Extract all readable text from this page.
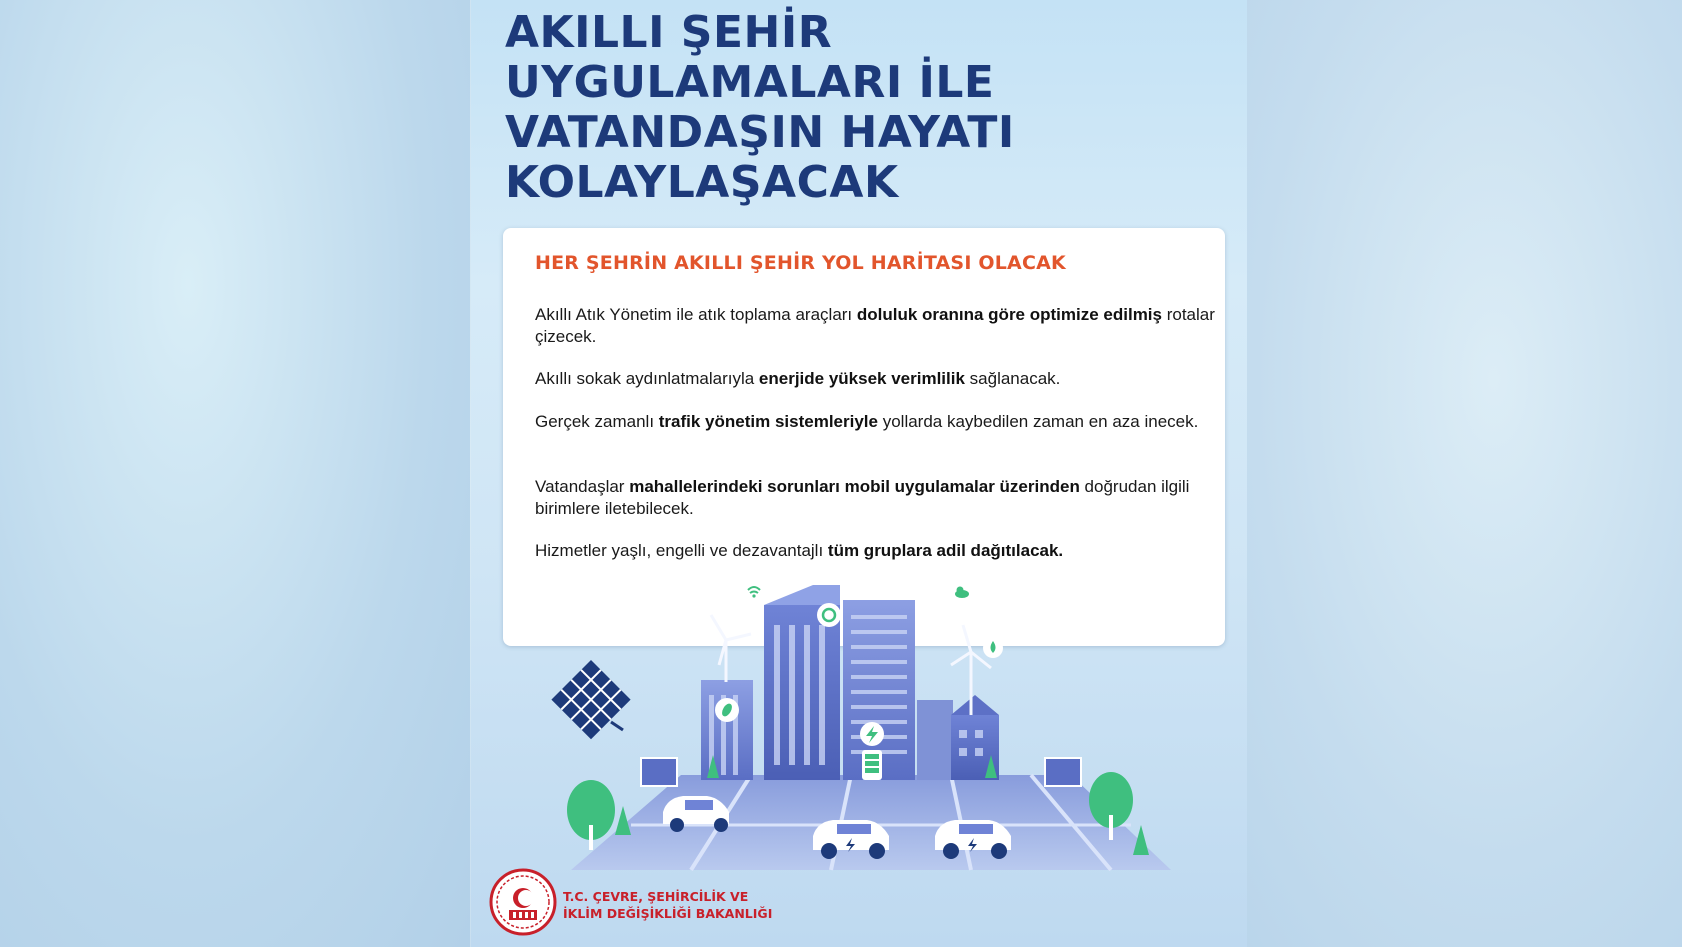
AKILLI ŞEHİR UYGULAMALARI İLE VATANDAŞIN HAYATI KOLAYLAŞACAK
HER ŞEHRİN AKILLI ŞEHİR YOL HARİTASI OLACAK

Akıllı Atık Yönetim ile atık toplama araçları doluluk oranına göre optimize edilmiş rotalar çizecek.

Akıllı sokak aydınlatmalarıyla enerjide yüksek verimlilik sağlanacak.

Gerçek zamanlı trafik yönetim sistemleriyle yollarda kaybedilen zaman en aza inecek.

Vatandaşlar mahallelerindeki sorunları mobil uygulamalar üzerinden doğrudan ilgili birimlere iletebilecek.

Hizmetler yaşlı, engelli ve dezavantajlı tüm gruplara adil dağıtılacak.

T.C. ÇEVRE, ŞEHİRCİLİK VE
İKLİM DEĞİŞİKLİĞİ BAKANLIĞI
